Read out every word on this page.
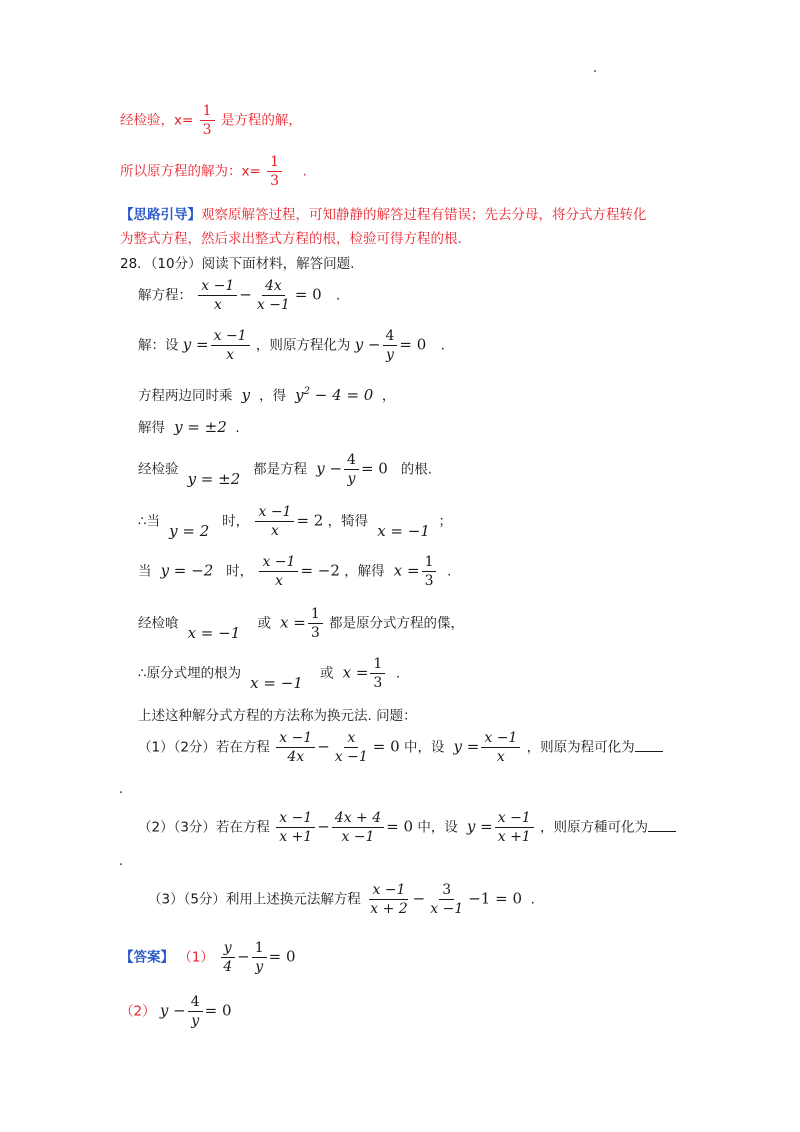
经检验，$x= \frac{1}{3}$ 是方程的解，
所以原方程的解为：$x= \frac{1}{3}$ .
【思路引导】观察原解答过程，可知静静的解答过程有错误；先去分母，将分式方程转化
为整式方程，然后求出整式方程的根，检验可得方程的根.
28．（10分）阅读下面材料，解答问题.
解方程： $\frac{x -1}{x} - \frac{4x}{x -1} = 0$ .
解：设 $y = \frac{x -1}{x}$ ，则原方程化为 $y - \frac{4}{y} = 0$ .
方程两边同时乘  y  ，得  $y^2 - 4 = 0$  ，
解得  y = ±2  .
经检验  y = ±2 都是方程  $y - \frac{4}{y} = 0$ 的根.
∴当  y = 2 时， $\frac{x -1}{x} = 2$ ，犄得  x = −1  ；
当  y = −2 时， $\frac{x -1}{x} = -2$ ，解得  $x = \frac{1}{3}$ .
经检喰  x = −1 或  $x = \frac{1}{3}$ 都是原分式方程的偞，
∴原分式埋的根为  x = −1 或  $x = \frac{1}{3}$ .
上述这种解分式方程的方法称为换元法. 问题：
（1）（2分）若在方程 $\frac{x -1}{4x} - \frac{x}{x -1} = 0$ 中，设  $y = \frac{x -1}{x}$ ，则原为程可化为
.
（2）（3分）若在方程 $\frac{x -1}{x +1} - \frac{4x + 4}{x -1} = 0$ 中，设  $y = \frac{x -1}{x +1}$ ，则原方種可化为
.
（3）（5分）利用上述换元法解方程 $\frac{x -1}{x + 2} - \frac{3}{x -1} -1 = 0$  .
【答案】 $(1) \frac{y}{4} - \frac{1}{y} = 0$
（2） $y - \frac{4}{y} = 0$
